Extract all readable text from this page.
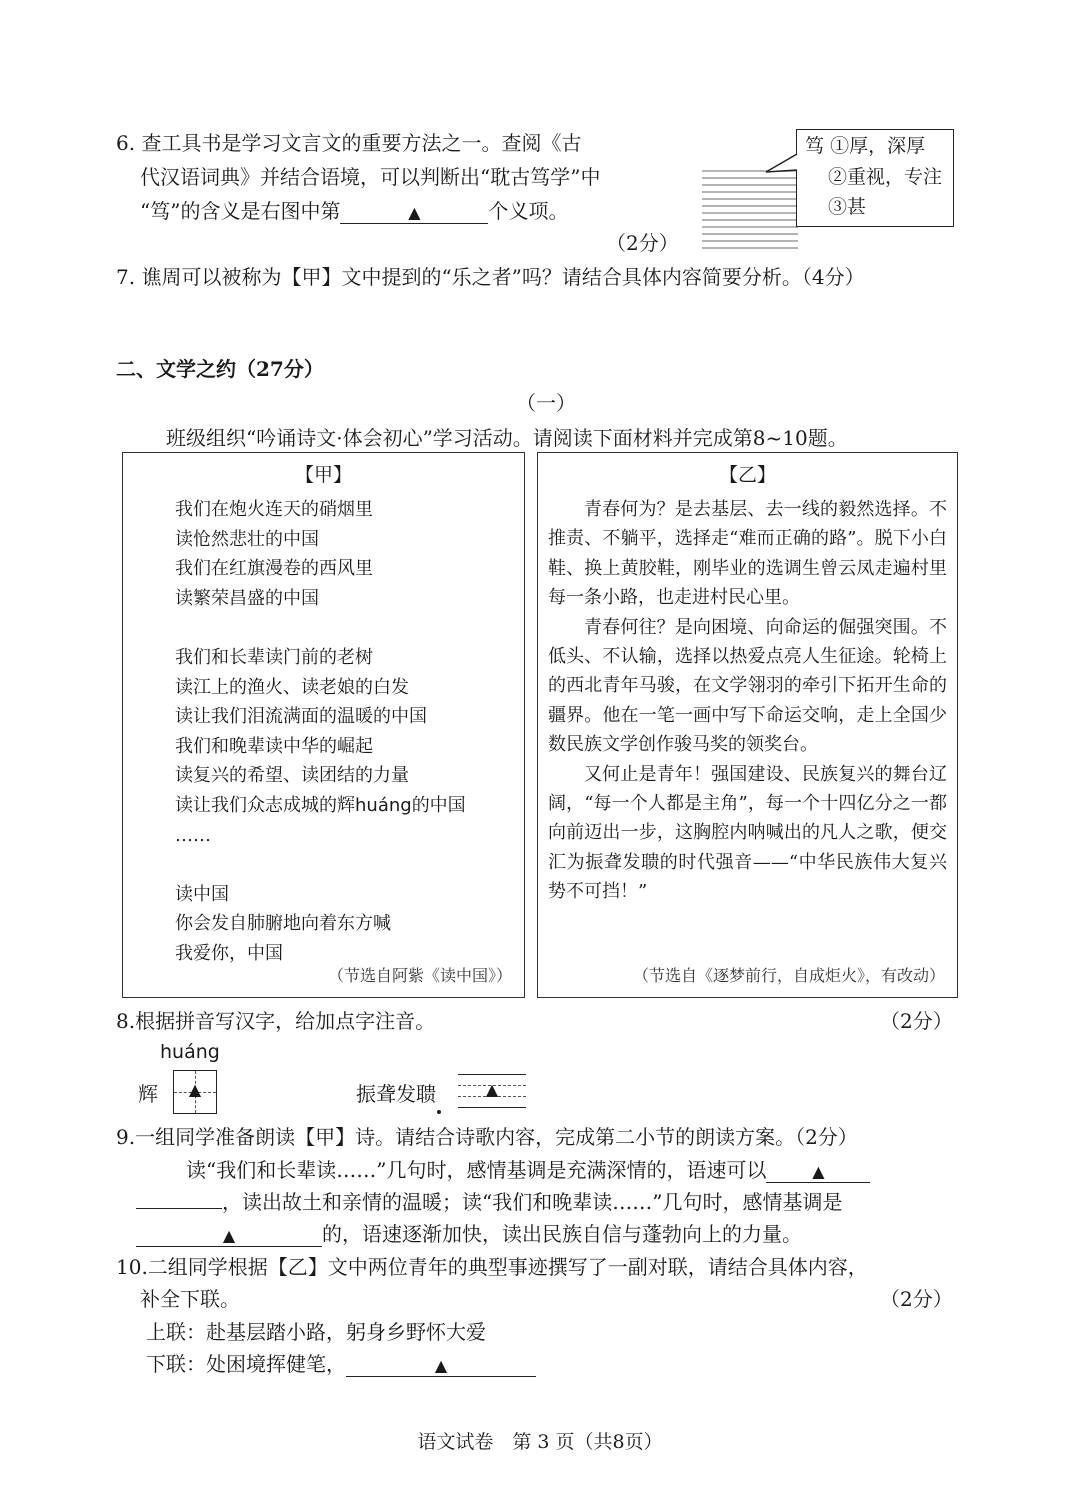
6. 查工具书是学习文言文的重要方法之一。查阅《古
代汉语词典》并结合语境，可以判断出“耽古笃学”中
“笃”的含义是右图中第	▲	个义项。
（2分）
笃 ①厚，深厚
②重视，专注
③甚
7. 谯周可以被称为【甲】文中提到的“乐之者”吗？请结合具体内容简要分析。（4分）
二、文学之约（27分）
（一）
班级组织“吟诵诗文·体会初心”学习活动。请阅读下面材料并完成第8~10题。
【甲】
我们在炮火连天的硝烟里
读怆然悲壮的中国
我们在红旗漫卷的西风里
读繁荣昌盛的中国
我们和长辈读门前的老树
读江上的渔火、读老娘的白发
读让我们泪流满面的温暖的中国
我们和晚辈读中华的崛起
读复兴的希望、读团结的力量
读让我们众志成城的辉huáng的中国
……
读中国
你会发自肺腑地向着东方喊
我爱你，中国
（节选自阿紫《读中国》）
【乙】

青春何为？是去基层、去一线的毅然选择。不推责、不躺平，选择走“难而正确的路”。脱下小白鞋、换上黄胶鞋，刚毕业的选调生曾云凤走遍村里每一条小路，也走进村民心里。

青春何往？是向困境、向命运的倔强突围。不低头、不认输，选择以热爱点亮人生征途。轮椅上的西北青年马骏，在文学翎羽的牵引下拓开生命的疆界。他在一笔一画中写下命运交响，走上全国少数民族文学创作骏马奖的领奖台。

又何止是青年！强国建设、民族复兴的舞台辽阔，“每一个人都是主角”，每一个十四亿分之一都向前迈出一步，这胸腔内呐喊出的凡人之歌，便交汇为振聋发聩的时代强音——“中华民族伟大复兴势不可挡！”

（节选自《逐梦前行，自成炬火》，有改动）
8.根据拼音写汉字，给加点字注音。	（2分）
huáng
辉	▲	振聋发聩	▲
9.一组同学准备朗读【甲】诗。请结合诗歌内容，完成第二小节的朗读方案。（2分）
读“我们和长辈读……”几句时，感情基调是充满深情的，语速可以	▲
，读出故土和亲情的温暖；读“我们和晚辈读……”几句时，感情基调是
▲	的，语速逐渐加快，读出民族自信与蓬勃向上的力量。
10.二组同学根据【乙】文中两位青年的典型事迹撰写了一副对联，请结合具体内容，
补全下联。	（2分）
上联：赴基层踏小路，躬身乡野怀大爱
下联：处困境挥健笔，	▲
语文试卷　第 3 页（共8页）
